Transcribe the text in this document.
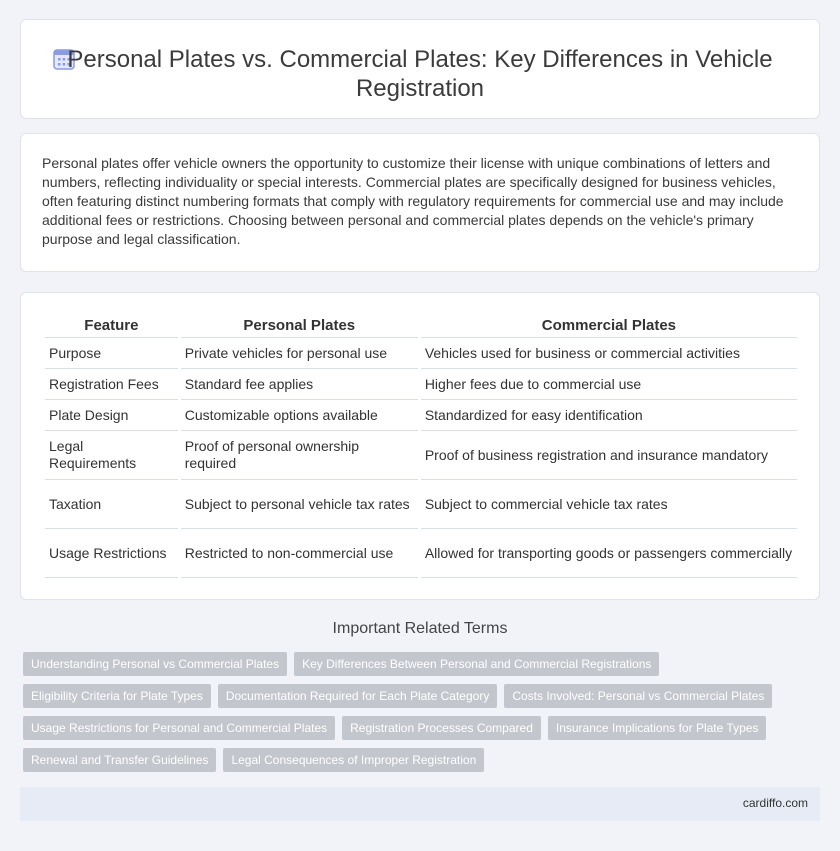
Personal Plates vs. Commercial Plates: Key Differences in Vehicle Registration

Personal plates offer vehicle owners the opportunity to customize their license with unique combinations of letters and numbers, reflecting individuality or special interests. Commercial plates are specifically designed for business vehicles, often featuring distinct numbering formats that comply with regulatory requirements for commercial use and may include additional fees or restrictions. Choosing between personal and commercial plates depends on the vehicle's primary purpose and legal classification.

Feature	Personal Plates	Commercial Plates
Purpose	Private vehicles for personal use	Vehicles used for business or commercial activities
Registration Fees	Standard fee applies	Higher fees due to commercial use
Plate Design	Customizable options available	Standardized for easy identification
Legal Requirements	Proof of personal ownership required	Proof of business registration and insurance mandatory
Taxation	Subject to personal vehicle tax rates	Subject to commercial vehicle tax rates
Usage Restrictions	Restricted to non-commercial use	Allowed for transporting goods or passengers commercially
Important Related Terms
Understanding Personal vs Commercial Plates	Key Differences Between Personal and Commercial Registrations
Eligibility Criteria for Plate Types	Documentation Required for Each Plate Category	Costs Involved: Personal vs Commercial Plates
Usage Restrictions for Personal and Commercial Plates	Registration Processes Compared	Insurance Implications for Plate Types
Renewal and Transfer Guidelines	Legal Consequences of Improper Registration
cardiffo.com
